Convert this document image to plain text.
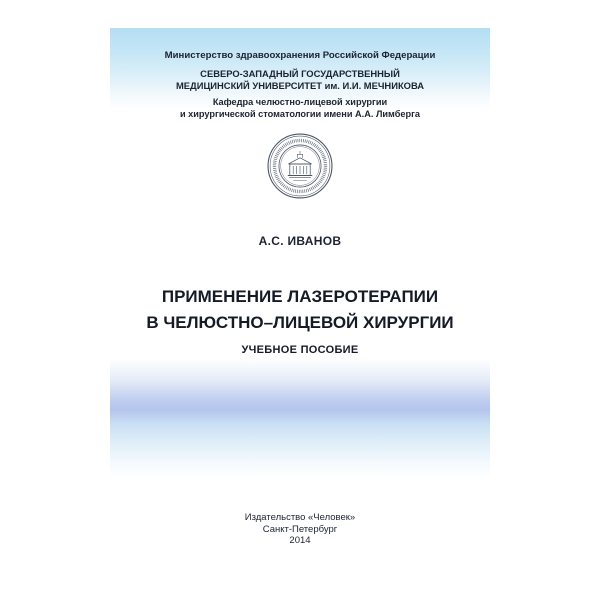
Министерство здравоохранения Российской Федерации
СЕВЕРО-ЗАПАДНЫЙ ГОСУДАРСТВЕННЫЙ
МЕДИЦИНСКИЙ УНИВЕРСИТЕТ им. И.И. МЕЧНИКОВА
Кафедра челюстно-лицевой хирургии
и хирургической стоматологии имени А.А. Лимберга
А.С. ИВАНОВ
ПРИМЕНЕНИЕ ЛАЗЕРОТЕРАПИИ
В ЧЕЛЮСТНО–ЛИЦЕВОЙ ХИРУРГИИ
УЧЕБНОЕ ПОСОБИЕ
Издательство «Человек»
Санкт-Петербург
2014
